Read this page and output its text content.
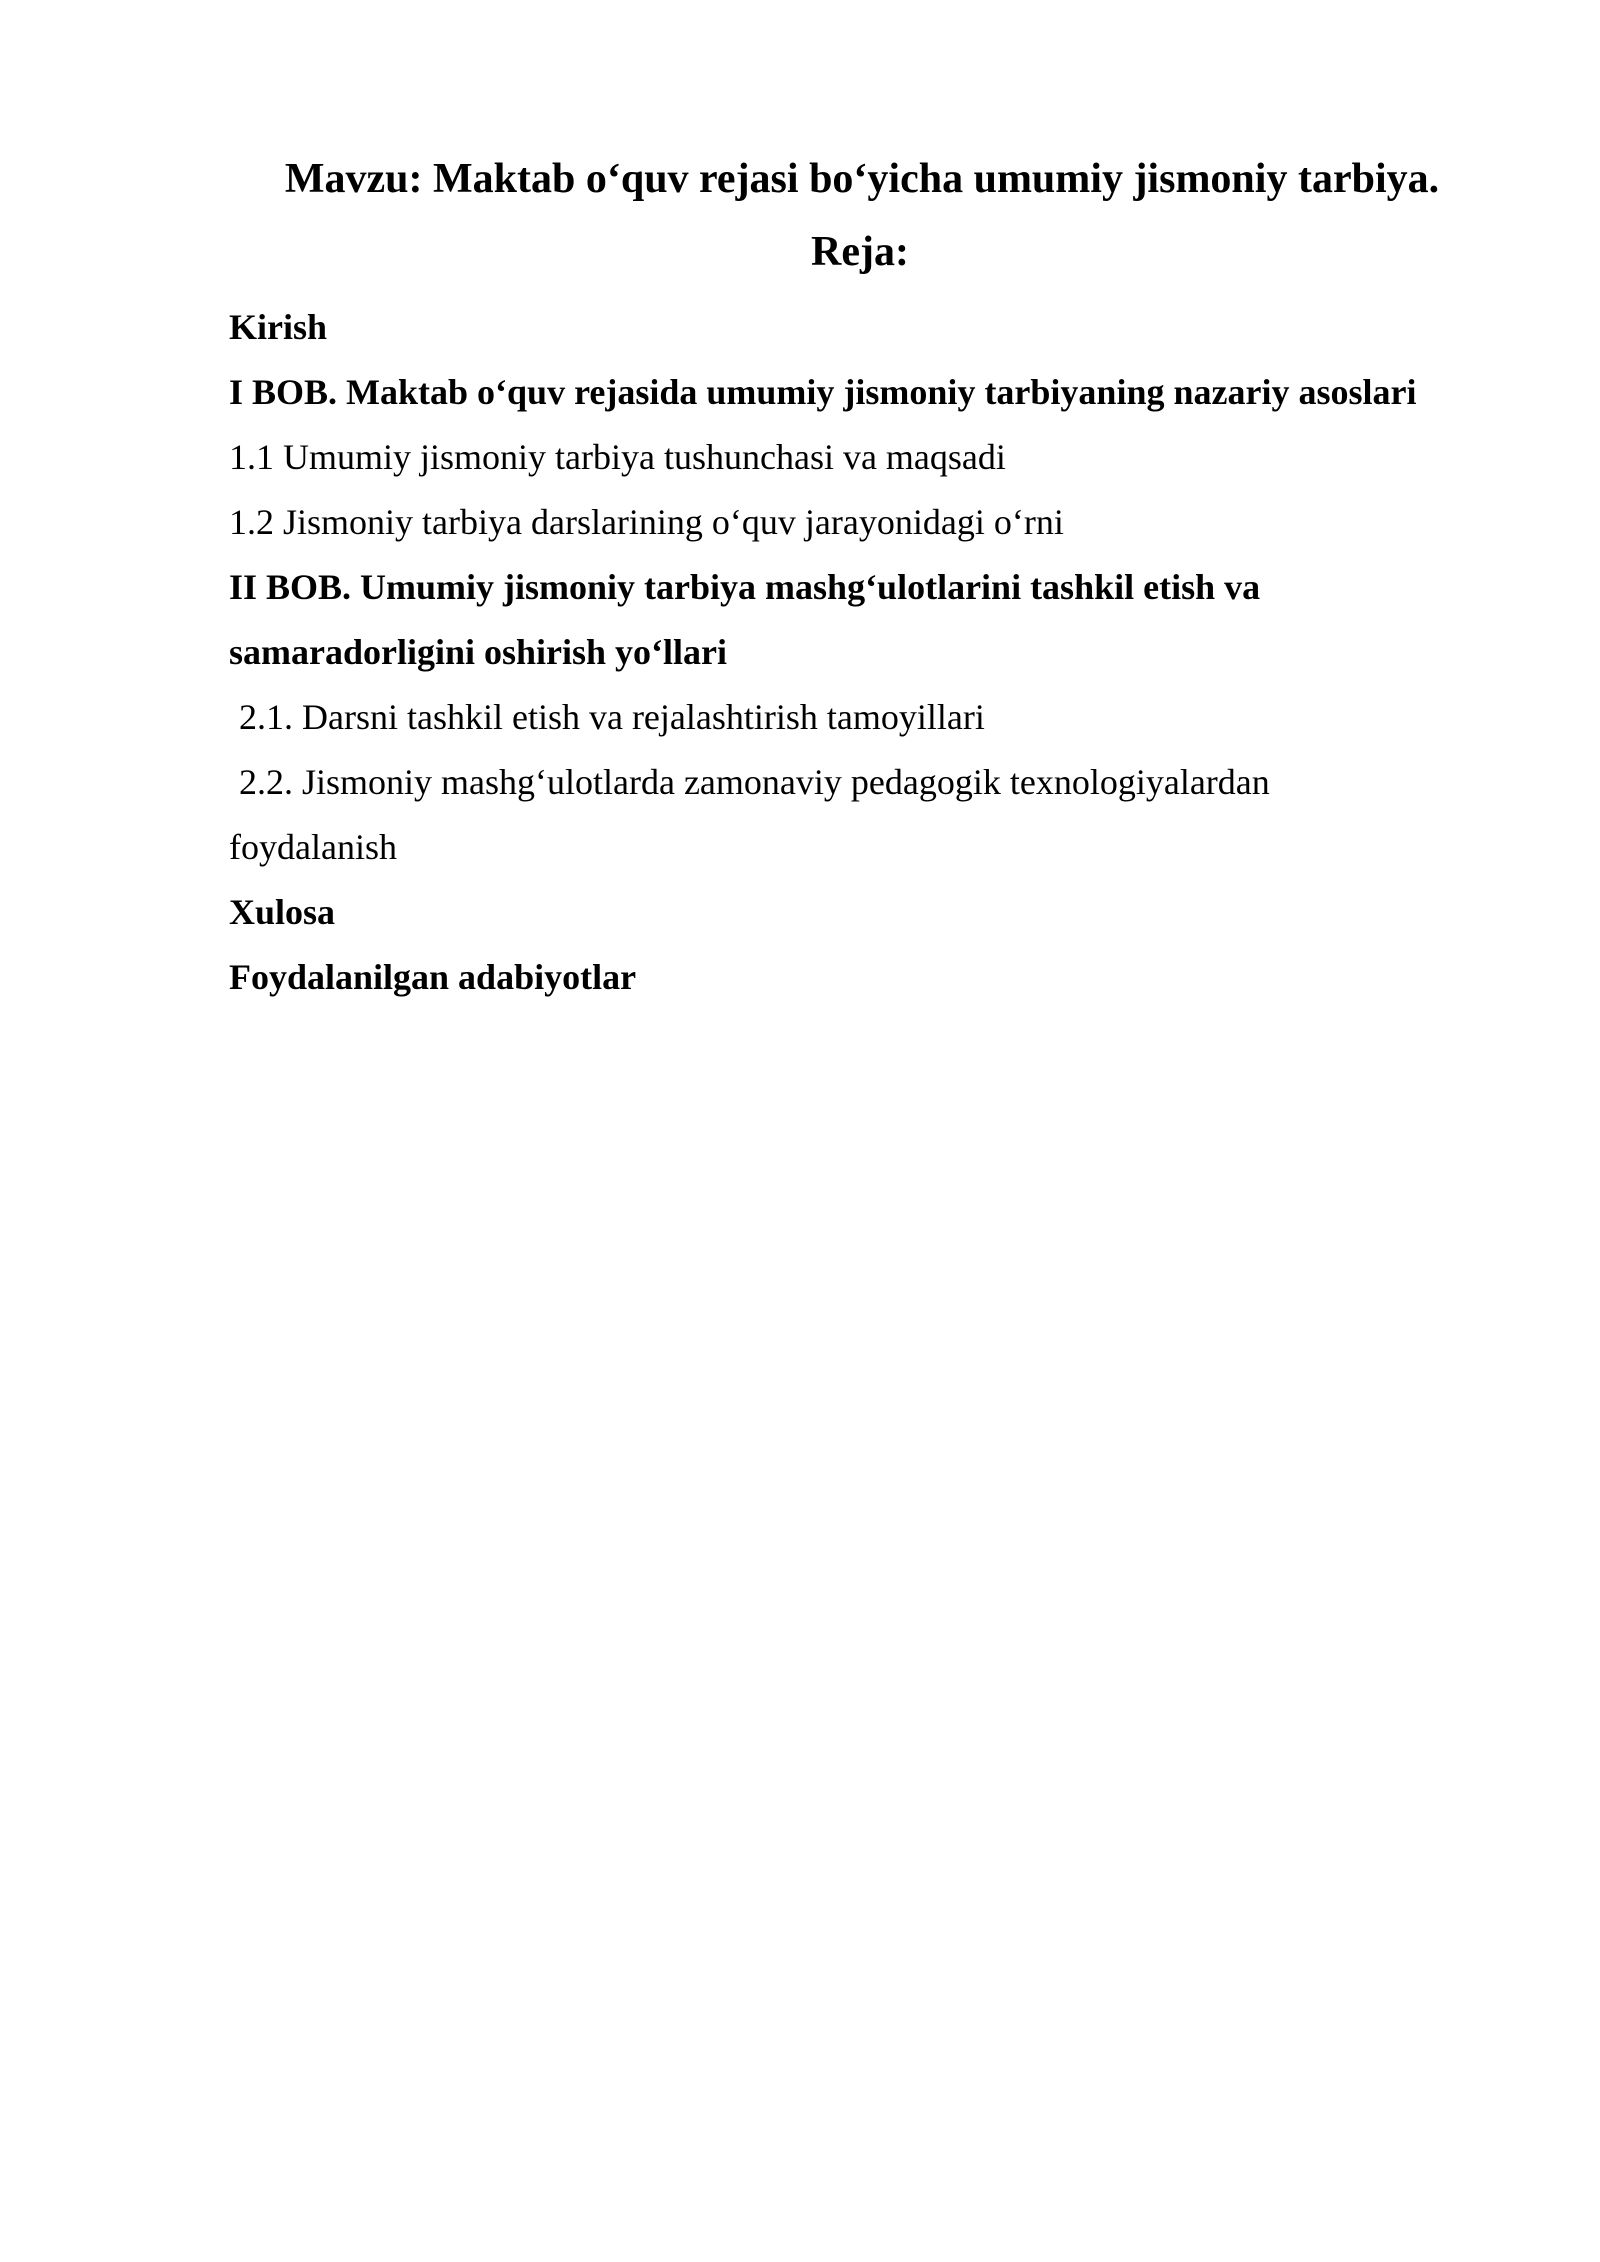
Mavzu: Maktab o‘quv rejasi bo‘yicha umumiy jismoniy tarbiya.
Reja:
Kirish
I BOB. Maktab o‘quv rejasida umumiy jismoniy tarbiyaning nazariy asoslari
1.1 Umumiy jismoniy tarbiya tushunchasi va maqsadi
1.2 Jismoniy tarbiya darslarining o‘quv jarayonidagi o‘rni
II BOB. Umumiy jismoniy tarbiya mashg‘ulotlarini tashkil etish va
samaradorligini oshirish yo‘llari
2.1. Darsni tashkil etish va rejalashtirish tamoyillari
2.2. Jismoniy mashg‘ulotlarda zamonaviy pedagogik texnologiyalardan
foydalanish
Xulosa
Foydalanilgan adabiyotlar
